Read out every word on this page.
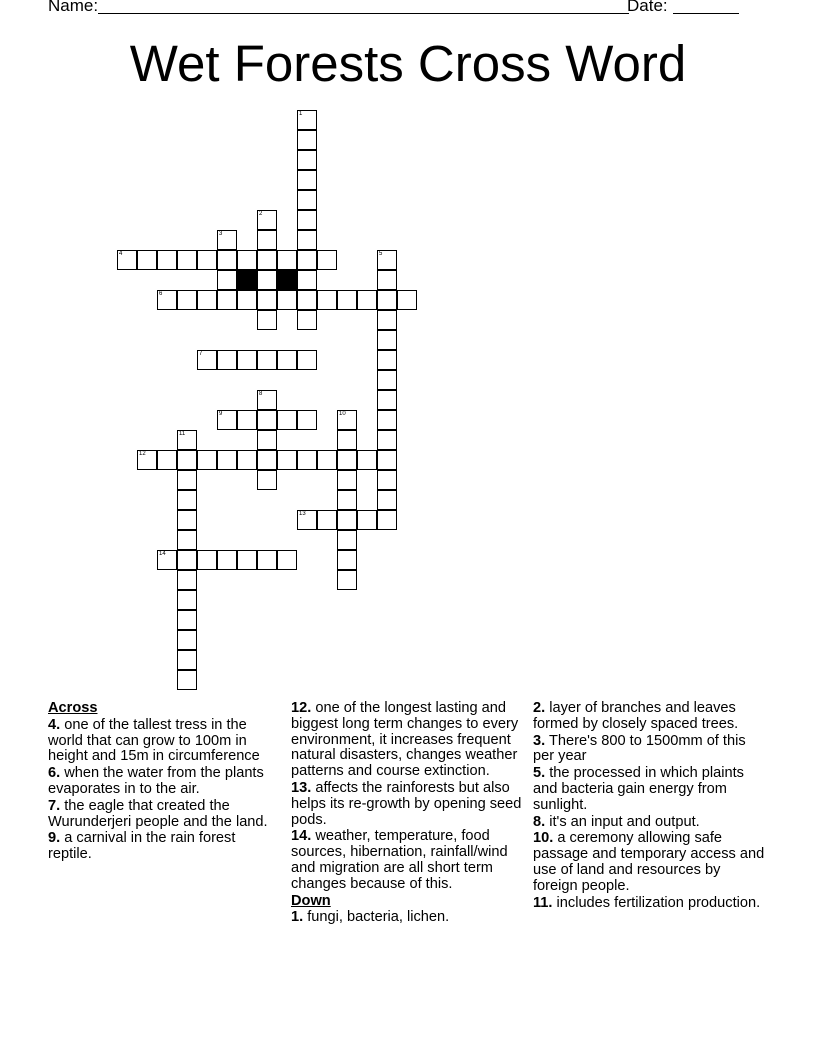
Name:

	Date:

Wet Forests Cross Word
1
2
3
4	5
6
7
8
9	10
11
12
13
14
Across
4. one of the tallest tress in the world that can grow to 100m in height and 15m in circumference
6. when the water from the plants evaporates in to the air.
7. the eagle that created the Wurunderjeri people and the land.
9. a carnival in the rain forest reptile.
12. one of the longest lasting and biggest long term changes to every environment, it increases frequent natural disasters, changes weather patterns and course extinction.
13. affects the rainforests but also helps its re-growth by opening seed pods.
14. weather, temperature, food sources, hibernation, rainfall/wind and migration are all short term changes because of this.
Down
1. fungi, bacteria, lichen.
2. layer of branches and leaves formed by closely spaced trees.
3. There's 800 to 1500mm of this per year
5. the processed in which plaints and bacteria gain energy from sunlight.
8. it's an input and output.
10. a ceremony allowing safe passage and temporary access and use of land and resources by foreign people.
11. includes fertilization production.
